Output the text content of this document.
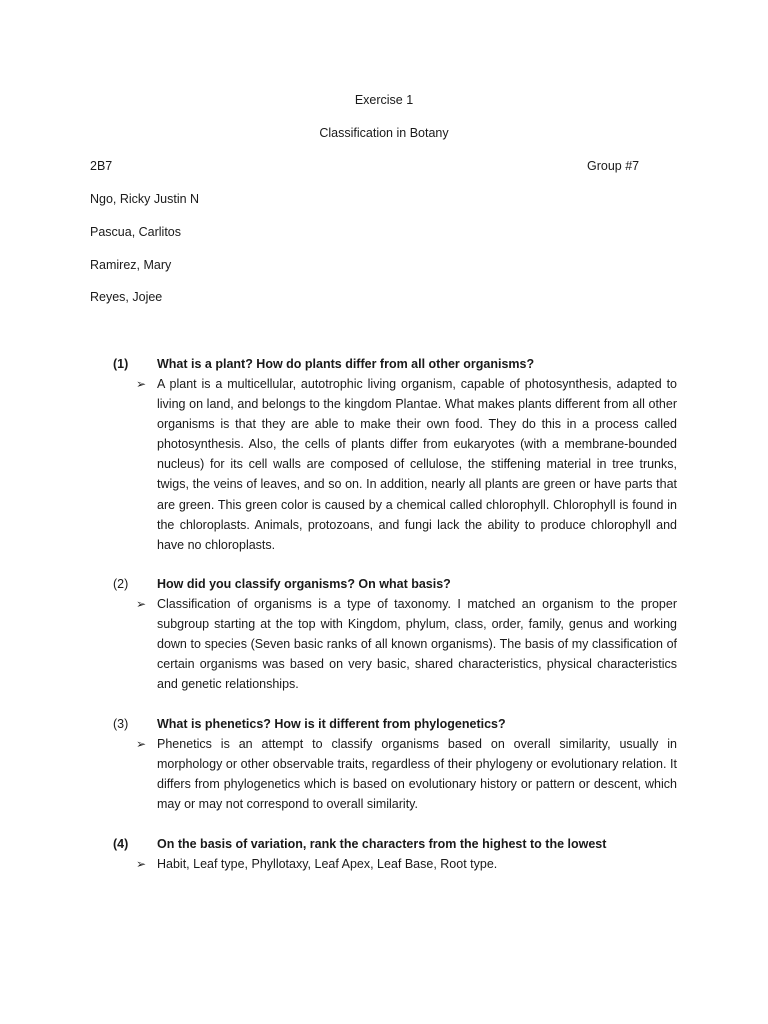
Exercise 1
Classification in Botany
2B7	Group #7
Ngo, Ricky Justin N
Pascua, Carlitos
Ramirez, Mary
Reyes, Jojee
(1)	What is a plant? How do plants differ from all other organisms?
➢ A plant is a multicellular, autotrophic living organism, capable of photosynthesis, adapted to living on land, and belongs to the kingdom Plantae. What makes plants different from all other organisms is that they are able to make their own food. They do this in a process called photosynthesis. Also, the cells of plants differ from eukaryotes (with a membrane-bounded nucleus) for its cell walls are composed of cellulose, the stiffening material in tree trunks, twigs, the veins of leaves, and so on. In addition, nearly all plants are green or have parts that are green. This green color is caused by a chemical called chlorophyll. Chlorophyll is found in the chloroplasts. Animals, protozoans, and fungi lack the ability to produce chlorophyll and have no chloroplasts.
(2)	How did you classify organisms? On what basis?
➢ Classification of organisms is a type of taxonomy. I matched an organism to the proper subgroup starting at the top with Kingdom, phylum, class, order, family, genus and working down to species (Seven basic ranks of all known organisms). The basis of my classification of certain organisms was based on very basic, shared characteristics, physical characteristics and genetic relationships.
(3)	What is phenetics? How is it different from phylogenetics?
➢ Phenetics is an attempt to classify organisms based on overall similarity, usually in morphology or other observable traits, regardless of their phylogeny or evolutionary relation. It differs from phylogenetics which is based on evolutionary history or pattern or descent, which may or may not correspond to overall similarity.
(4)	On the basis of variation, rank the characters from the highest to the lowest
➢ Habit, Leaf type, Phyllotaxy, Leaf Apex, Leaf Base, Root type.
